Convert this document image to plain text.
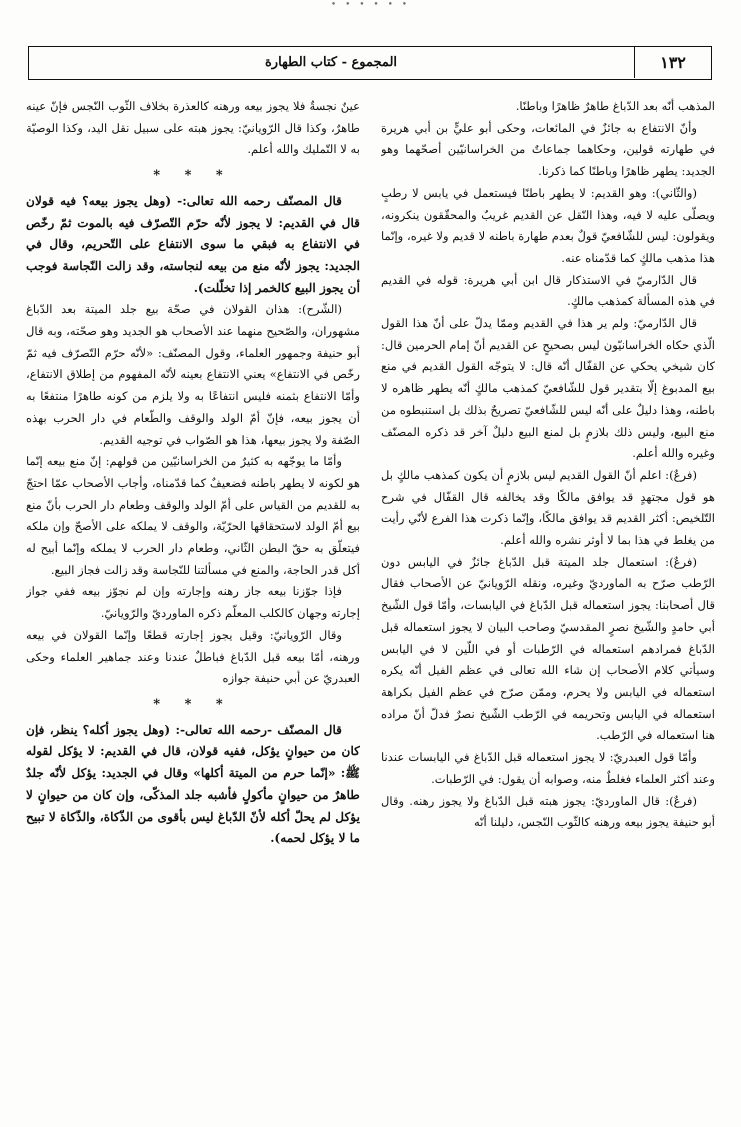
• • • • • •
١٣٢
المجموع - كتاب الطهارة

المذهب أنّه بعد الدّباغ طاهرٌ ظاهرًا وباطنًا.

وأنّ الانتفاع به جائزٌ في المائعات، وحكى أبو عليٍّ بن أبي هريرة في طهارته قولين، وحكاهما جماعاتٌ من الخراسانيّين أصحّهما وهو الجديد: يطهر ظاهرًا وباطنًا كما ذكرنا.

(والثّاني): وهو القديم: لا يطهر باطنًا فيستعمل في يابس لا رطبٍ ويصلّى عليه لا فيه، وهذا النّقل عن القديم غريبٌ والمحقّقون ينكرونه، ويقولون: ليس للشّافعيّ قولٌ بعدم طهارة باطنه لا قديم ولا غيره، وإنّما هذا مذهب مالكٍ كما قدّمناه عنه.

قال الدّارميّ في الاستذكار قال ابن أبي هريرة: قوله في القديم في هذه المسألة كمذهب مالكٍ.

قال الدّارميّ: ولم ير هذا في القديم وممّا يدلّ على أنّ هذا القول الّذي حكاه الخراسانيّون ليس بصحيحٍ عن القديم أنّ إمام الحرمين قال: كان شيخي يحكي عن القفّال أنّه قال: لا يتوجّه القول القديم في منع بيع المدبوغ إلّا بتقدير قول للشّافعيّ كمذهب مالكٍ أنّه يطهر ظاهره لا باطنه، وهذا دليلٌ على أنّه ليس للشّافعيّ تصريحٌ بذلك بل استنبطوه من منع البيع، وليس ذلك بلازمٍ بل لمنع البيع دليلٌ آخر قد ذكره المصنّف وغيره والله أعلم.

(فرعٌ): اعلم أنّ القول القديم ليس بلازمٍ أن يكون كمذهب مالكٍ بل هو قول مجتهدٍ قد يوافق مالكًا وقد يخالفه قال القفّال في شرح التّلخيص: أكثر القديم قد يوافق مالكًا، وإنّما ذكرت هذا الفرع لأنّي رأيت من يغلط في هذا بما لا أوثر نشره والله أعلم.

(فرعٌ): استعمال جلد الميتة قبل الدّباغ جائزٌ في اليابس دون الرّطب صرّح به الماورديّ وغيره، ونقله الرّويانيّ عن الأصحاب فقال قال أصحابنا: يجوز استعماله قبل الدّباغ في اليابسات، وأمّا قول الشّيخ أبي حامدٍ والشّيخ نصرٍ المقدسيّ وصاحب البيان لا يجوز استعماله قبل الدّباغ فمرادهم استعماله في الرّطبات أو في اللّين لا في اليابس وسيأتي كلام الأصحاب إن شاء الله تعالى في عظم الفيل أنّه يكره استعماله في اليابس ولا يحرم، وممّن صرّح في عظم الفيل بكراهة استعماله في اليابس وتحريمه في الرّطب الشّيخ نصرٌ فدلّ أنّ مراده هنا استعماله في الرّطب.

وأمّا قول العبدريّ: لا يجوز استعماله قبل الدّباغ في اليابسات عندنا وعند أكثر العلماء فغلطٌ منه، وصوابه أن يقول: في الرّطبات.

(فرعٌ): قال الماورديّ: يجوز هبته قبل الدّباغ ولا يجوز رهنه. وقال أبو حنيفة يجوز بيعه ورهنه كالثّوب النّجس، دليلنا أنّه

عينٌ نجسةٌ فلا يجوز بيعه ورهنه كالعذرة بخلاف الثّوب النّجس فإنّ عينه طاهرٌ، وكذا قال الرّويانيّ: يجوز هبته على سبيل نقل اليد، وكذا الوصيّة به لا التّمليك والله أعلم.

* * *

قال المصنّف رحمه الله تعالى:- (وهل يجوز بيعه؟ فيه قولان قال في القديم: لا يجوز لأنّه حرّم التّصرّف فيه بالموت ثمّ رخّص في الانتفاع به فبقي ما سوى الانتفاع على التّحريم، وقال في الجديد: يجوز لأنّه منع من بيعه لنجاسته، وقد زالت النّجاسة فوجب أن يجوز البيع كالخمر إذا تخلّلت).

(الشّرح): هذان القولان في صحّة بيع جلد الميتة بعد الدّباغ مشهوران، والصّحيح منهما عند الأصحاب هو الجديد وهو صحّته، وبه قال أبو حنيفة وجمهور العلماء، وقول المصنّف: «لأنّه حرّم التّصرّف فيه ثمّ رخّص في الانتفاع» يعني الانتفاع بعينه لأنّه المفهوم من إطلاق الانتفاع، وأمّا الانتفاع بثمنه فليس انتفاعًا به ولا يلزم من كونه طاهرًا منتفعًا به أن يجوز بيعه، فإنّ أمّ الولد والوقف والطّعام في دار الحرب بهذه الصّفة ولا يجوز بيعها، هذا هو الصّواب في توجيه القديم.

وأمّا ما يوجّهه به كثيرٌ من الخراسانيّين من قولهم: إنّ منع بيعه إنّما هو لكونه لا يطهر باطنه فضعيفٌ كما قدّمناه، وأجاب الأصحاب عمّا احتجّ به للقديم من القياس على أمّ الولد والوقف وطعام دار الحرب بأنّ منع بيع أمّ الولد لاستحقاقها الحرّيّة، والوقف لا يملكه على الأصحّ وإن ملكه فيتعلّق به حقّ البطن الثّاني، وطعام دار الحرب لا يملكه وإنّما أبيح له أكل قدر الحاجة، والمنع في مسألتنا للنّجاسة وقد زالت فجاز البيع.

فإذا جوّزنا بيعه جاز رهنه وإجارته وإن لم نجوّز بيعه ففي جواز إجارته وجهان كالكلب المعلّم ذكره الماورديّ والرّويانيّ.

وقال الرّويانيّ: وقيل يجوز إجارته قطعًا وإنّما القولان في بيعه ورهنه، أمّا بيعه قبل الدّباغ فباطلٌ عندنا وعند جماهير العلماء وحكى العبدريّ عن أبي حنيفة جوازه

* * *

قال المصنّف -رحمه الله تعالى-: (وهل يجوز أكله؟ ينظر، فإن كان من حيوانٍ يؤكل، ففيه قولان، قال في القديم: لا يؤكل لقوله ﷺ: «إنّما حرم من الميتة أكلها» وقال في الجديد: يؤكل لأنّه جلدٌ طاهرٌ من حيوانٍ مأكولٍ فأشبه جلد المذكّى، وإن كان من حيوانٍ لا يؤكل لم يحلّ أكله لأنّ الدّباغ ليس بأقوى من الذّكاة، والذّكاة لا تبيح ما لا يؤكل لحمه).
